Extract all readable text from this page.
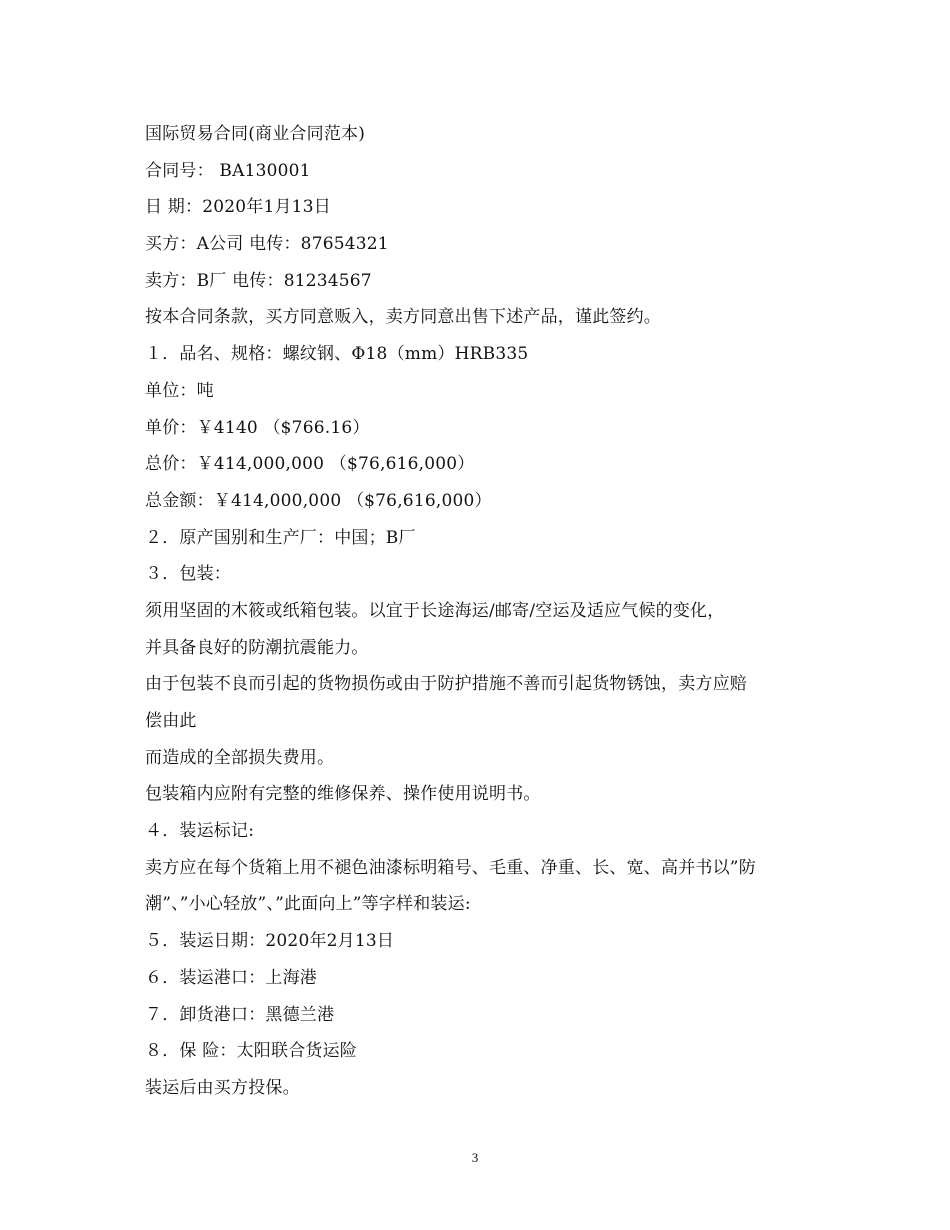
国际贸易合同(商业合同范本)
合同号： BA130001
日 期：2020年1月13日
买方：A公司 电传：87654321
卖方：B厂 电传：81234567
按本合同条款，买方同意贩入，卖方同意出售下述产品，谨此签约。
１．品名、规格：螺纹钢、Φ18（mm）HRB335
单位：吨
单价：￥4140 （$766.16）
总价：￥414,000,000 （$76,616,000）
总金额：￥414,000,000 （$76,616,000）
２．原产国别和生产厂：中国；B厂
３．包装：
须用坚固的木筱或纸箱包装。以宜于长途海运/邮寄/空运及适应气候的变化，
并具备良好的防潮抗震能力。
由于包装不良而引起的货物损伤或由于防护措施不善而引起货物锈蚀，卖方应赔
偿由此
而造成的全部损失费用。
包装箱内应附有完整的维修保养、操作使用说明书。
４．装运标记:
卖方应在每个货箱上用不褪色油漆标明箱号、毛重、净重、长、宽、高并书以”防
潮”、”小心轻放”、”此面向上”等字样和装运:
５．装运日期：2020年2月13日
６．装运港口：上海港
７．卸货港口：黑德兰港
８．保 险：太阳联合货运险
装运后由买方投保。
3
